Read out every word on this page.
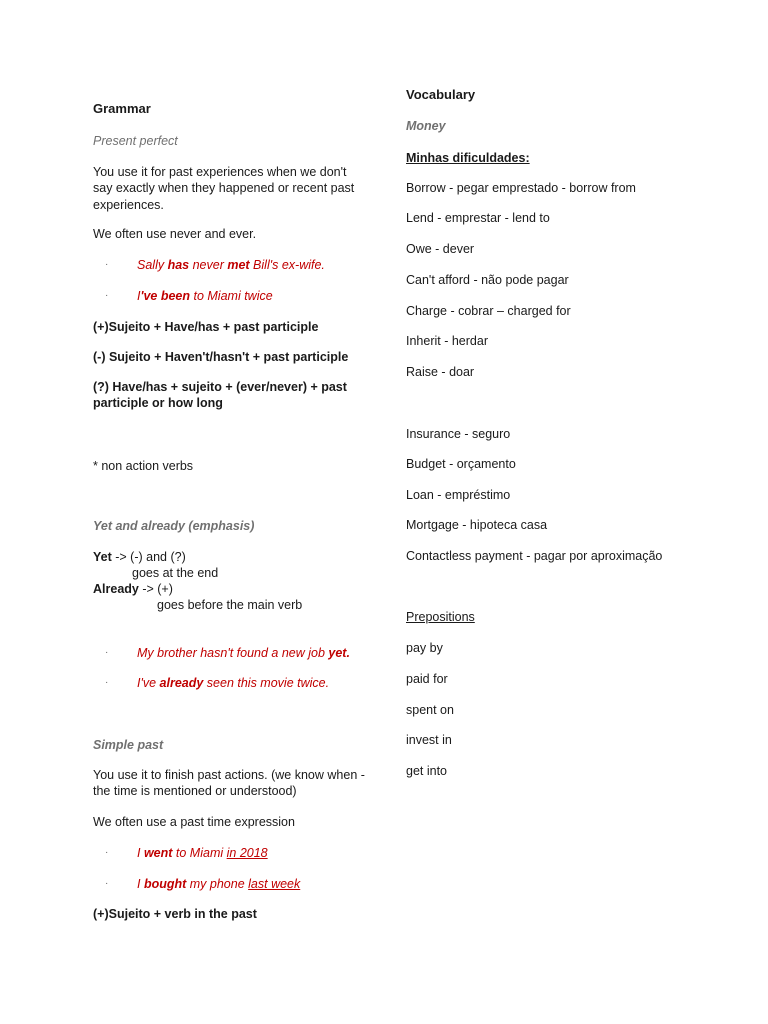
Grammar
Present perfect
You use it for past experiences when we don't say exactly when they happened or recent past experiences.
We often use never and ever.
· Sally has never met Bill's ex-wife.
· I've been to Miami twice
(+)Sujeito + Have/has + past participle
(-) Sujeito + Haven't/hasn't + past participle
(?) Have/has + sujeito + (ever/never) + past participle or how long
* non action verbs
Yet and already (emphasis)
Yet -> (-) and (?)
goes at the end
Already -> (+)
goes before the main verb
· My brother hasn't found a new job yet.
· I've already seen this movie twice.
Simple past
You use it to finish past actions. (we know when - the time is mentioned or understood)
We often use a past time expression
· I went to Miami in 2018
· I bought my phone last week
(+)Sujeito + verb in the past
Vocabulary
Money
Minhas dificuldades:
Borrow - pegar emprestado - borrow from
Lend - emprestar - lend to
Owe - dever
Can't afford - não pode pagar
Charge - cobrar – charged for
Inherit - herdar
Raise - doar
Insurance - seguro
Budget - orçamento
Loan - empréstimo
Mortgage - hipoteca casa
Contactless payment - pagar por aproximação
Prepositions
pay by
paid for
spent on
invest in
get into
